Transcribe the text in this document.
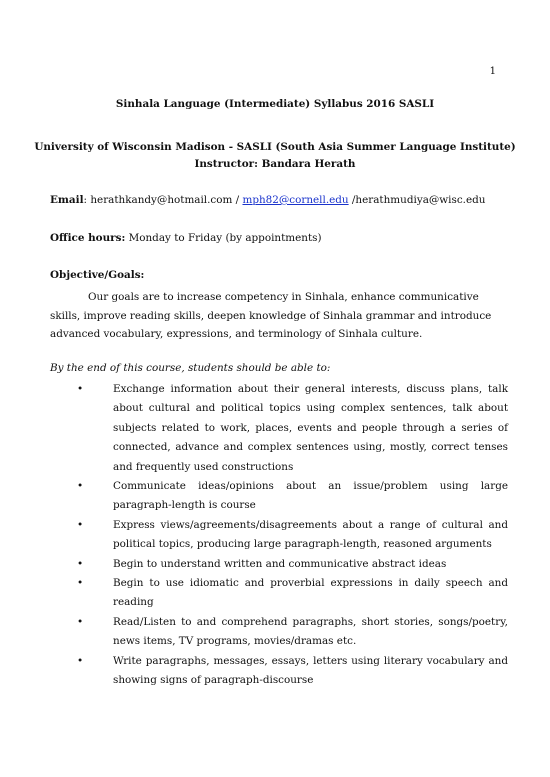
1
Sinhala Language (Intermediate) Syllabus 2016 SASLI
University of Wisconsin Madison - SASLI (South Asia Summer Language Institute)
Instructor: Bandara Herath
Email: herathkandy@hotmail.com / mph82@cornell.edu /herathmudiya@wisc.edu
Office hours: Monday to Friday (by appointments)
Objective/Goals:
Our goals are to increase competency in Sinhala, enhance communicative skills, improve reading skills, deepen knowledge of Sinhala grammar and introduce advanced vocabulary, expressions, and terminology of Sinhala culture.
By the end of this course, students should be able to:
•	Exchange information about their general interests, discuss plans, talk about cultural and political topics using complex sentences, talk about subjects related to work, places, events and people through a series of connected, advance and complex sentences using, mostly, correct tenses and frequently used constructions
•	Communicate ideas/opinions about an issue/problem using large paragraph-length is course
•	Express views/agreements/disagreements about a range of cultural and political topics, producing large paragraph-length, reasoned arguments
•	Begin to understand written and communicative abstract ideas
•	Begin to use idiomatic and proverbial expressions in daily speech and reading
•	Read/Listen to and comprehend paragraphs, short stories, songs/poetry, news items, TV programs, movies/dramas etc.
•	Write paragraphs, messages, essays, letters using literary vocabulary and showing signs of paragraph-discourse
